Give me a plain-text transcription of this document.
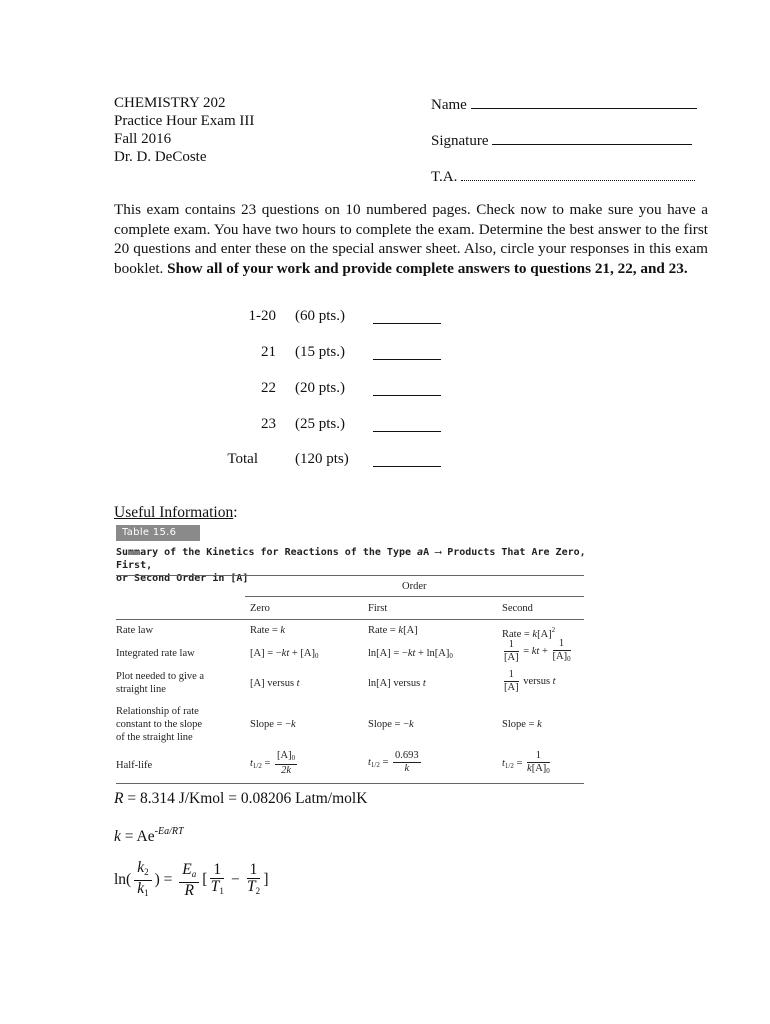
CHEMISTRY 202
Practice Hour Exam III
Fall 2016
Dr. D. DeCoste
Name
Signature
T.A.
This exam contains 23 questions on 10 numbered pages. Check now to make sure you have a complete exam. You have two hours to complete the exam. Determine the best answer to the first 20 questions and enter these on the special answer sheet. Also, circle your responses in this exam booklet. Show all of your work and provide complete answers to questions 21, 22, and 23.
1-20 (60 pts.)
21 (15 pts.)
22 (20 pts.)
23 (25 pts.)
Total (120 pts)
Useful Information:
Table 15.6
Summary of the Kinetics for Reactions of the Type aA ⟶ Products That Are Zero, First,
or Second Order in [A]
Order
Zero	First	Second
Rate law	Rate = k	Rate = k[A]	Rate = $k[A]^2$
Integrated rate law	$[A] = -kt + [A]_0$	$\ln[A] = -kt + \ln[A]_0$	$\frac{1}{[A]}$ = kt + $\frac{1}{[A]_0}$
Plot needed to give a
straight line
[A] versus t	ln[A] versus t	$\frac{1}{[A]}$ versus t
Relationship of rate
constant to the slope
of the straight line
Slope = −k	Slope = −k	Slope = k
Half-life	$t_{1/2} = \frac{[A]_0}{2k}$	$t_{1/2} = \frac{0.693}{k}$	$t_{1/2} = \frac{1}{k[A]_0}$
R = 8.314 J/Kmol = 0.08206 Latm/molK
$k = Ae^{-Ea/RT}$
$\ln( \frac{k2}{k1}$ ) = $\frac{Ea}{R}$ [ $\frac{1}{T1} - \frac{1}{T2}$ ]
